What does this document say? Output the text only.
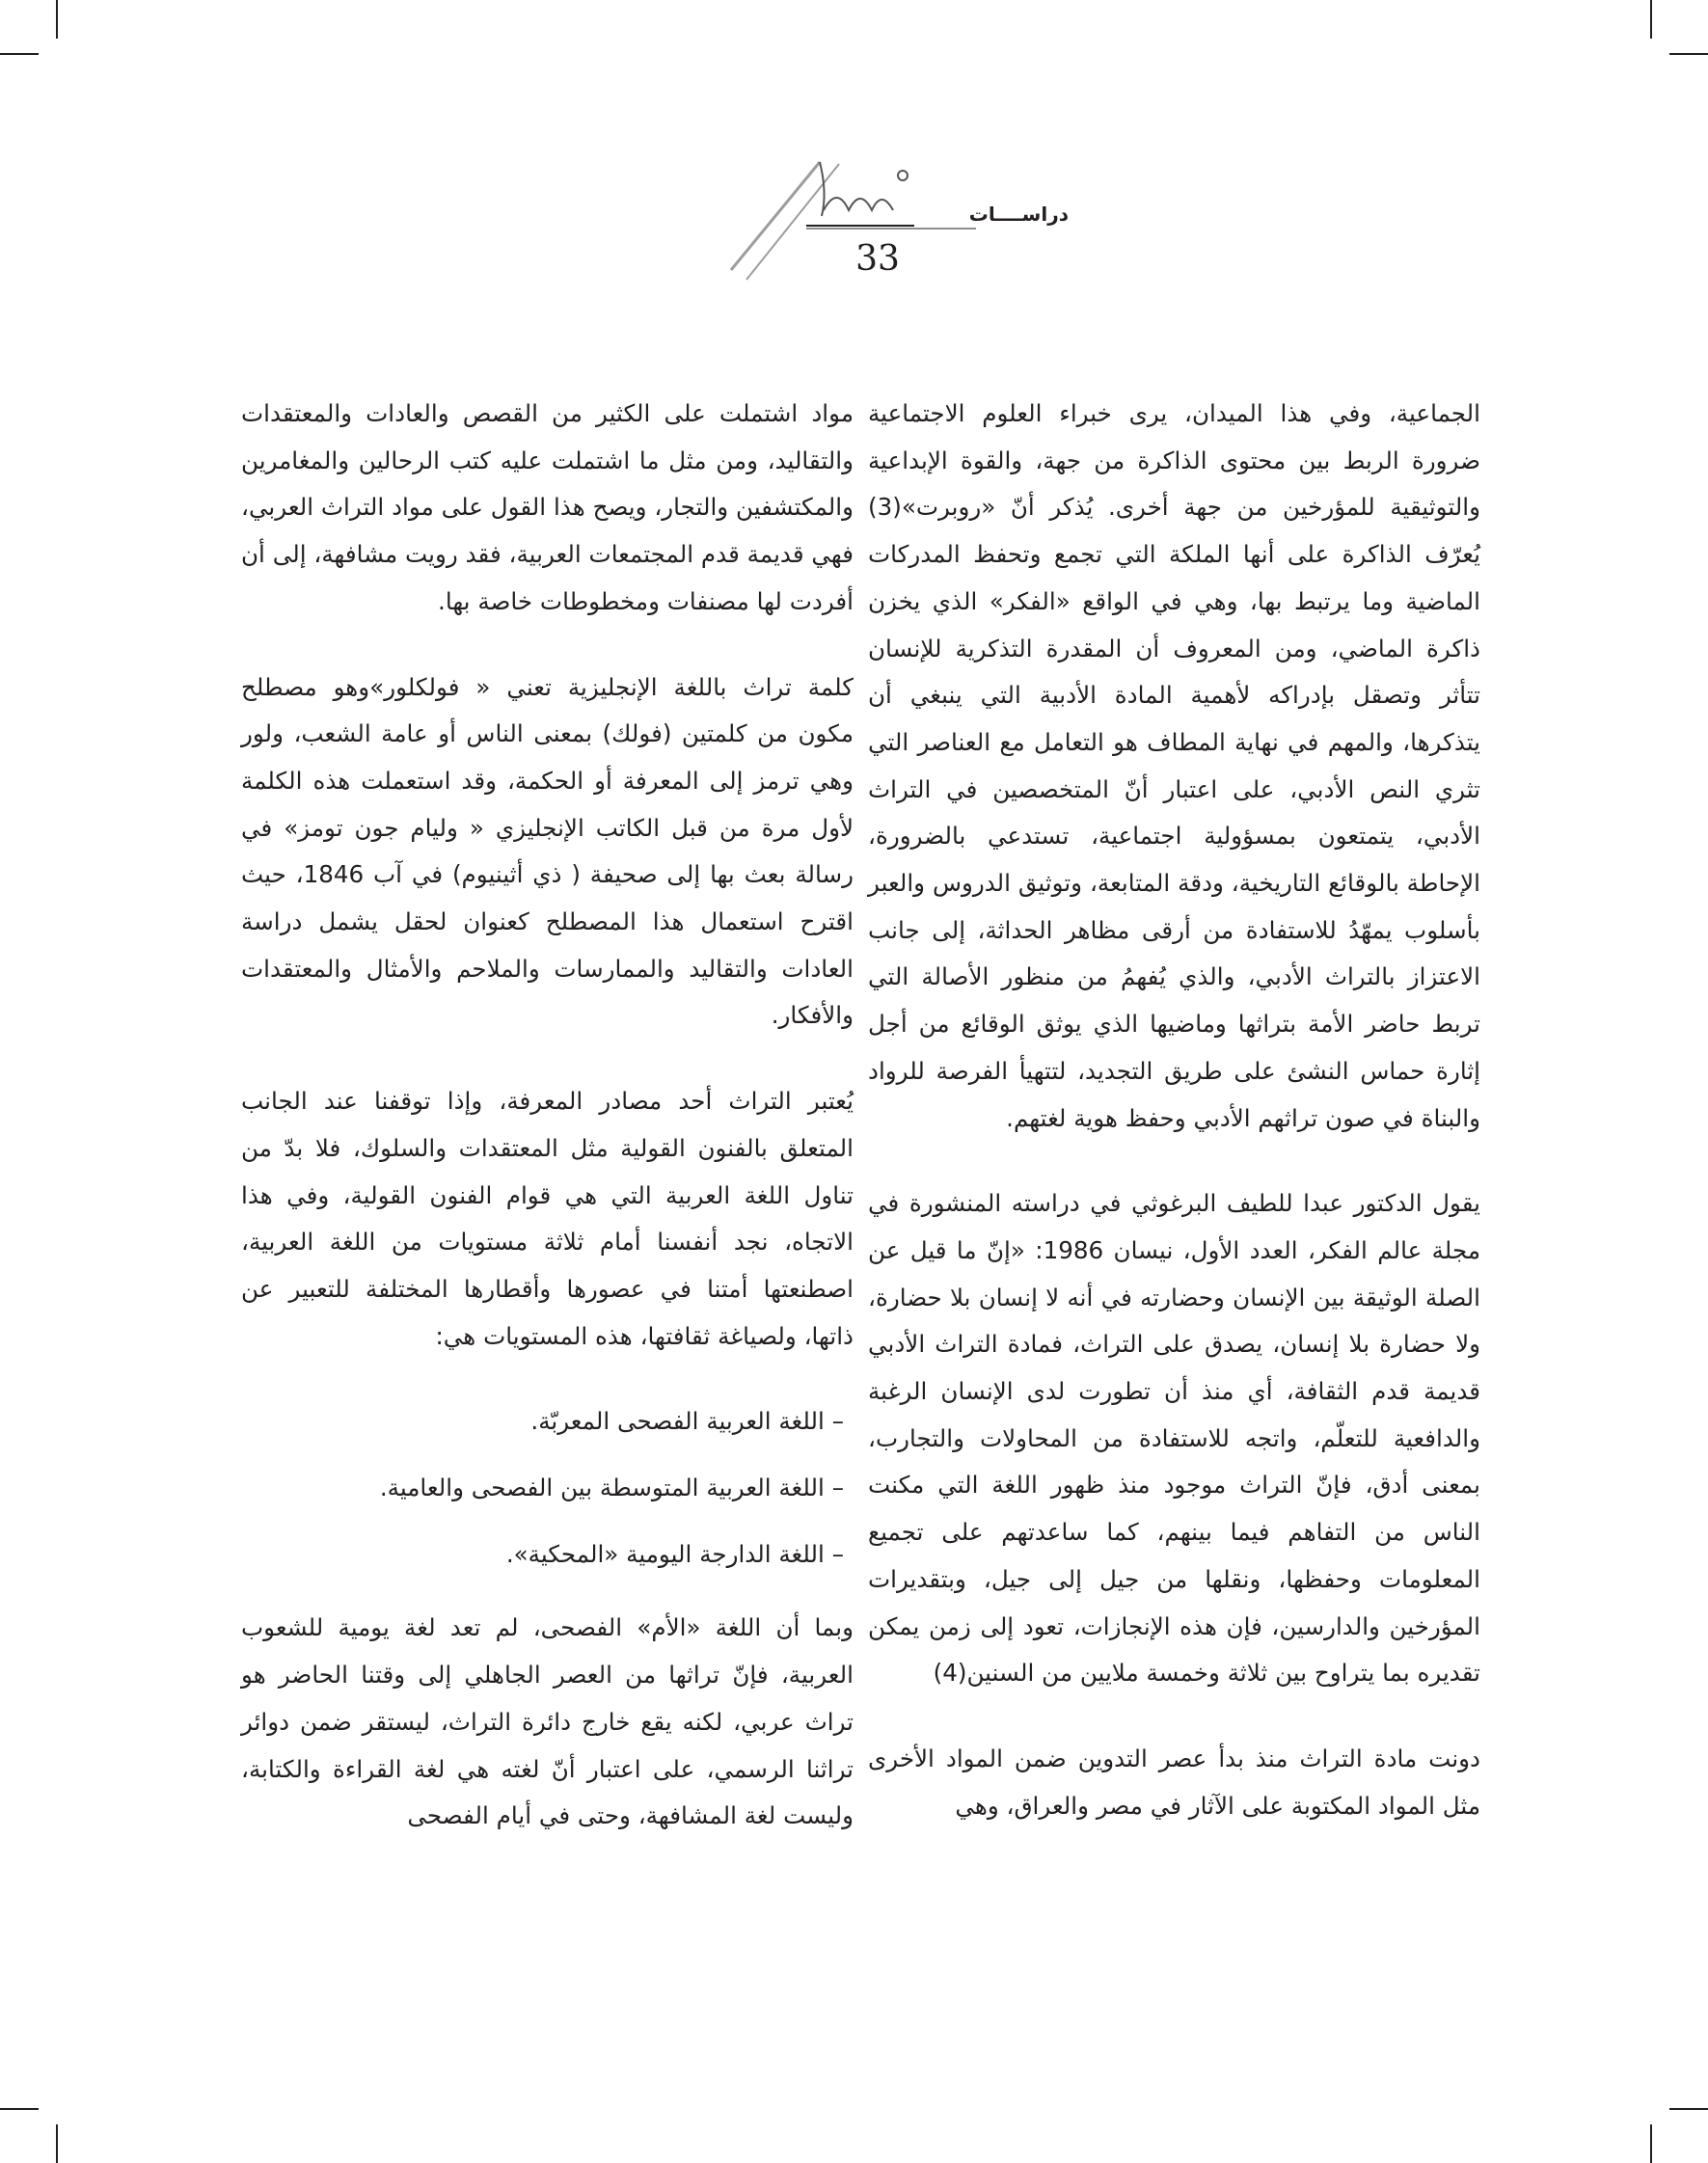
دراســــات
33

الجماعية، وفي هذا الميدان، يرى خبراء العلوم الاجتماعية ضرورة الربط بين محتوى الذاكرة من جهة، والقوة الإبداعية والتوثيقية للمؤرخين من جهة أخرى. يُذكر أنّ «روبرت»(3) يُعرّف الذاكرة على أنها الملكة التي تجمع وتحفظ المدركات الماضية وما يرتبط بها، وهي في الواقع «الفكر» الذي يخزن ذاكرة الماضي، ومن المعروف أن المقدرة التذكرية للإنسان تتأثر وتصقل بإدراكه لأهمية المادة الأدبية التي ينبغي أن يتذكرها، والمهم في نهاية المطاف هو التعامل مع العناصر التي تثري النص الأدبي، على اعتبار أنّ المتخصصين في التراث الأدبي، يتمتعون بمسؤولية اجتماعية، تستدعي بالضرورة، الإحاطة بالوقائع التاريخية، ودقة المتابعة، وتوثيق الدروس والعبر بأسلوب يمهّدُ للاستفادة من أرقى مظاهر الحداثة، إلى جانب الاعتزاز بالتراث الأدبي، والذي يُفهمُ من منظور الأصالة التي تربط حاضر الأمة بتراثها وماضيها الذي يوثق الوقائع من أجل إثارة حماس النشئ على طريق التجديد، لتتهيأ الفرصة للرواد والبناة في صون تراثهم الأدبي وحفظ هوية لغتهم.

يقول الدكتور عبدا للطيف البرغوثي في دراسته المنشورة في مجلة عالم الفكر، العدد الأول، نيسان 1986: «إنّ ما قيل عن الصلة الوثيقة بين الإنسان وحضارته في أنه لا إنسان بلا حضارة، ولا حضارة بلا إنسان، يصدق على التراث، فمادة التراث الأدبي قديمة قدم الثقافة، أي منذ أن تطورت لدى الإنسان الرغبة والدافعية للتعلّم، واتجه للاستفادة من المحاولات والتجارب، بمعنى أدق، فإنّ التراث موجود منذ ظهور اللغة التي مكنت الناس من التفاهم فيما بينهم، كما ساعدتهم على تجميع المعلومات وحفظها، ونقلها من جيل إلى جيل، وبتقديرات المؤرخين والدارسين، فإن هذه الإنجازات، تعود إلى زمن يمكن تقديره بما يتراوح بين ثلاثة وخمسة ملايين من السنين(4)

دونت مادة التراث منذ بدأ عصر التدوين ضمن المواد الأخرى مثل المواد المكتوبة على الآثار في مصر والعراق، وهي

مواد اشتملت على الكثير من القصص والعادات والمعتقدات والتقاليد، ومن مثل ما اشتملت عليه كتب الرحالين والمغامرين والمكتشفين والتجار، ويصح هذا القول على مواد التراث العربي، فهي قديمة قدم المجتمعات العربية، فقد رويت مشافهة، إلى أن أفردت لها مصنفات ومخطوطات خاصة بها.

كلمة تراث باللغة الإنجليزية تعني « فولكلور»وهو مصطلح مكون من كلمتين (فولك) بمعنى الناس أو عامة الشعب، ولور وهي ترمز إلى المعرفة أو الحكمة، وقد استعملت هذه الكلمة لأول مرة من قبل الكاتب الإنجليزي « وليام جون تومز» في رسالة بعث بها إلى صحيفة ( ذي أثينيوم) في آب 1846، حيث اقترح استعمال هذا المصطلح كعنوان لحقل يشمل دراسة العادات والتقاليد والممارسات والملاحم والأمثال والمعتقدات والأفكار.

يُعتبر التراث أحد مصادر المعرفة، وإذا توقفنا عند الجانب المتعلق بالفنون القولية مثل المعتقدات والسلوك، فلا بدّ من تناول اللغة العربية التي هي قوام الفنون القولية، وفي هذا الاتجاه، نجد أنفسنا أمام ثلاثة مستويات من اللغة العربية، اصطنعتها أمتنا في عصورها وأقطارها المختلفة للتعبير عن ذاتها، ولصياغة ثقافتها، هذه المستويات هي:

– اللغة العربية الفصحى المعربّة.
– اللغة العربية المتوسطة بين الفصحى والعامية.
– اللغة الدارجة اليومية «المحكية».

وبما أن اللغة «الأم» الفصحى، لم تعد لغة يومية للشعوب العربية، فإنّ تراثها من العصر الجاهلي إلى وقتنا الحاضر هو تراث عربي، لكنه يقع خارج دائرة التراث، ليستقر ضمن دوائر تراثنا الرسمي، على اعتبار أنّ لغته هي لغة القراءة والكتابة، وليست لغة المشافهة، وحتى في أيام الفصحى
